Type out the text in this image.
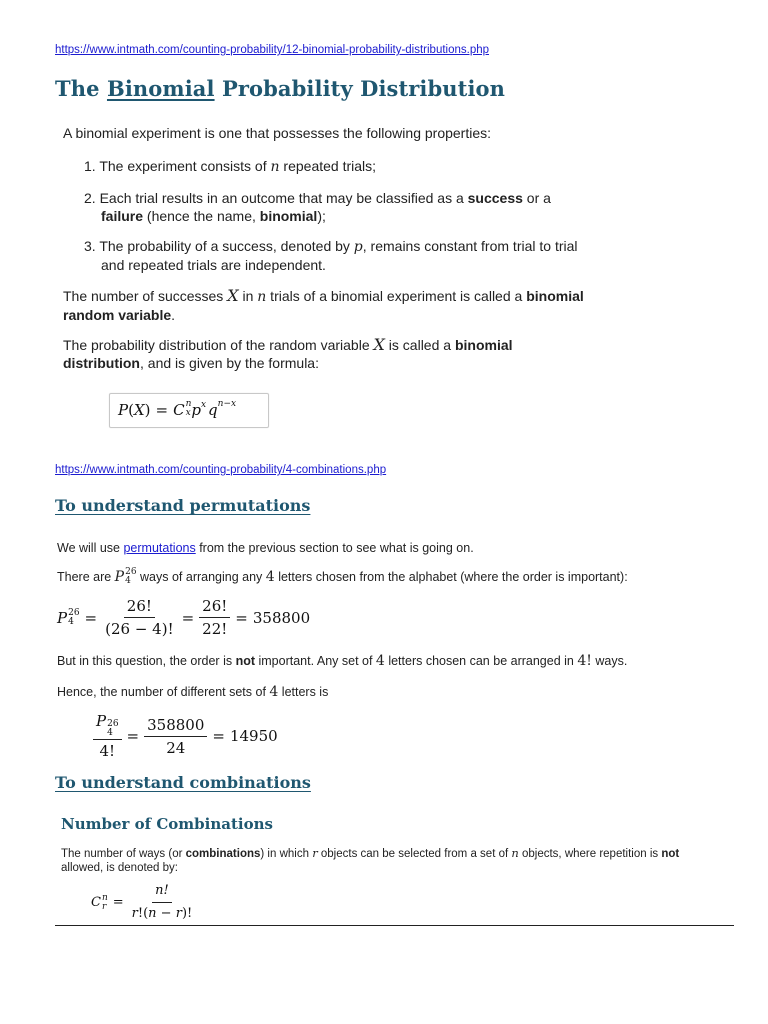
https://www.intmath.com/counting-probability/12-binomial-probability-distributions.php
The Binomial Probability Distribution
A binomial experiment is one that possesses the following properties:
1. The experiment consists of n repeated trials;
2. Each trial results in an outcome that may be classified as a success or a
failure (hence the name, binomial);
3. The probability of a success, denoted by p, remains constant from trial to trial
and repeated trials are independent.
The number of successes X in n trials of a binomial experiment is called a binomial
random variable.
The probability distribution of the random variable X is called a binomial
distribution, and is given by the formula:
P ( X ) = C n
x $p^x$ $q^{n-x}$
https://www.intmath.com/counting-probability/4-combinations.php
To understand permutations
We will use permutations from the previous section to see what is going on.
There are P 26
4 ways of arranging any 4 letters chosen from the alphabet (where the order is important):
P 26
$4 = \frac{26!}{(26 - 4)!} = \frac{26!}{22!} = 358800$
But in this question, the order is not important. Any set of 4 letters chosen can be arranged in 4! ways.
Hence, the number of different sets of 4 letters is
P 26
4
4! = $\frac{358800}{24} = 14950$
To understand combinations
Number of Combinations
The number of ways (or combinations) in which r objects can be selected from a set of n objects, where repetition is not
allowed, is denoted by:
C n
$r = \frac{n!}{r!(n - r)!}$
